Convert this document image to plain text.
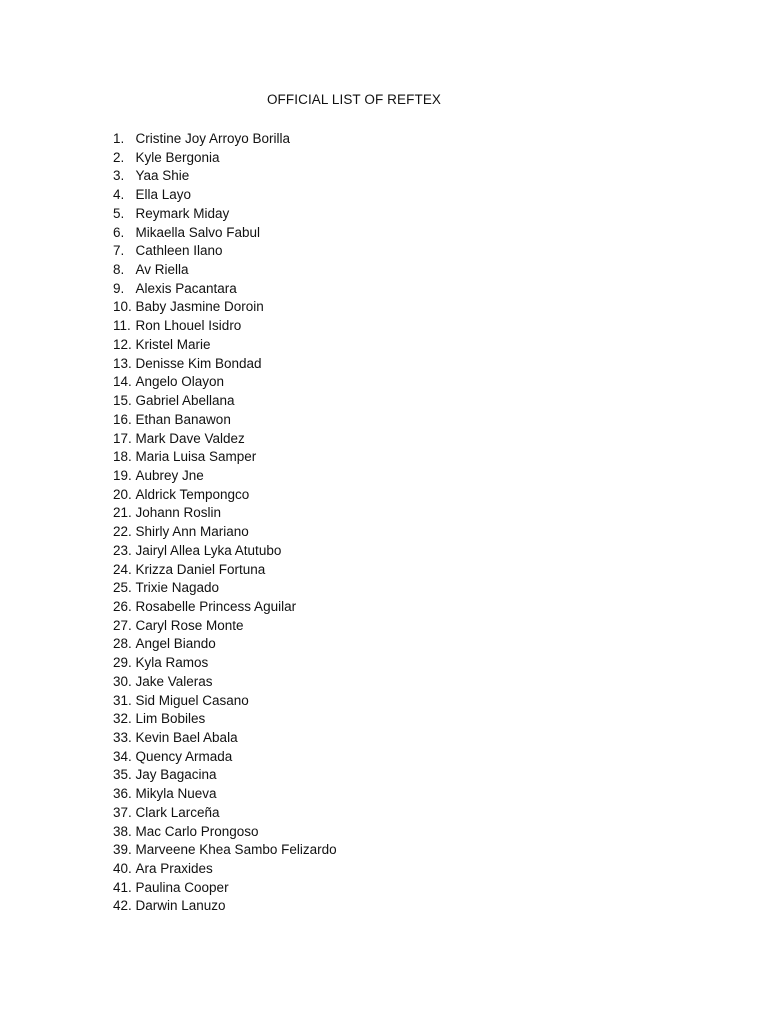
OFFICIAL LIST OF REFTEX
1. Cristine Joy Arroyo Borilla
2. Kyle Bergonia
3. Yaa Shie
4. Ella Layo
5. Reymark Miday
6. Mikaella Salvo Fabul
7. Cathleen Ilano
8. Av Riella
9. Alexis Pacantara
10. Baby Jasmine Doroin
11. Ron Lhouel Isidro
12. Kristel Marie
13. Denisse Kim Bondad
14. Angelo Olayon
15. Gabriel Abellana
16. Ethan Banawon
17. Mark Dave Valdez
18. Maria Luisa Samper
19. Aubrey Jne
20. Aldrick Tempongco
21. Johann Roslin
22. Shirly Ann Mariano
23. Jairyl Allea Lyka Atutubo
24. Krizza Daniel Fortuna
25. Trixie Nagado
26. Rosabelle Princess Aguilar
27. Caryl Rose Monte
28. Angel Biando
29. Kyla Ramos
30. Jake Valeras
31. Sid Miguel Casano
32. Lim Bobiles
33. Kevin Bael Abala
34. Quency Armada
35. Jay Bagacina
36. Mikyla Nueva
37. Clark Larceña
38. Mac Carlo Prongoso
39. Marveene Khea Sambo Felizardo
40. Ara Praxides
41. Paulina Cooper
42. Darwin Lanuzo
